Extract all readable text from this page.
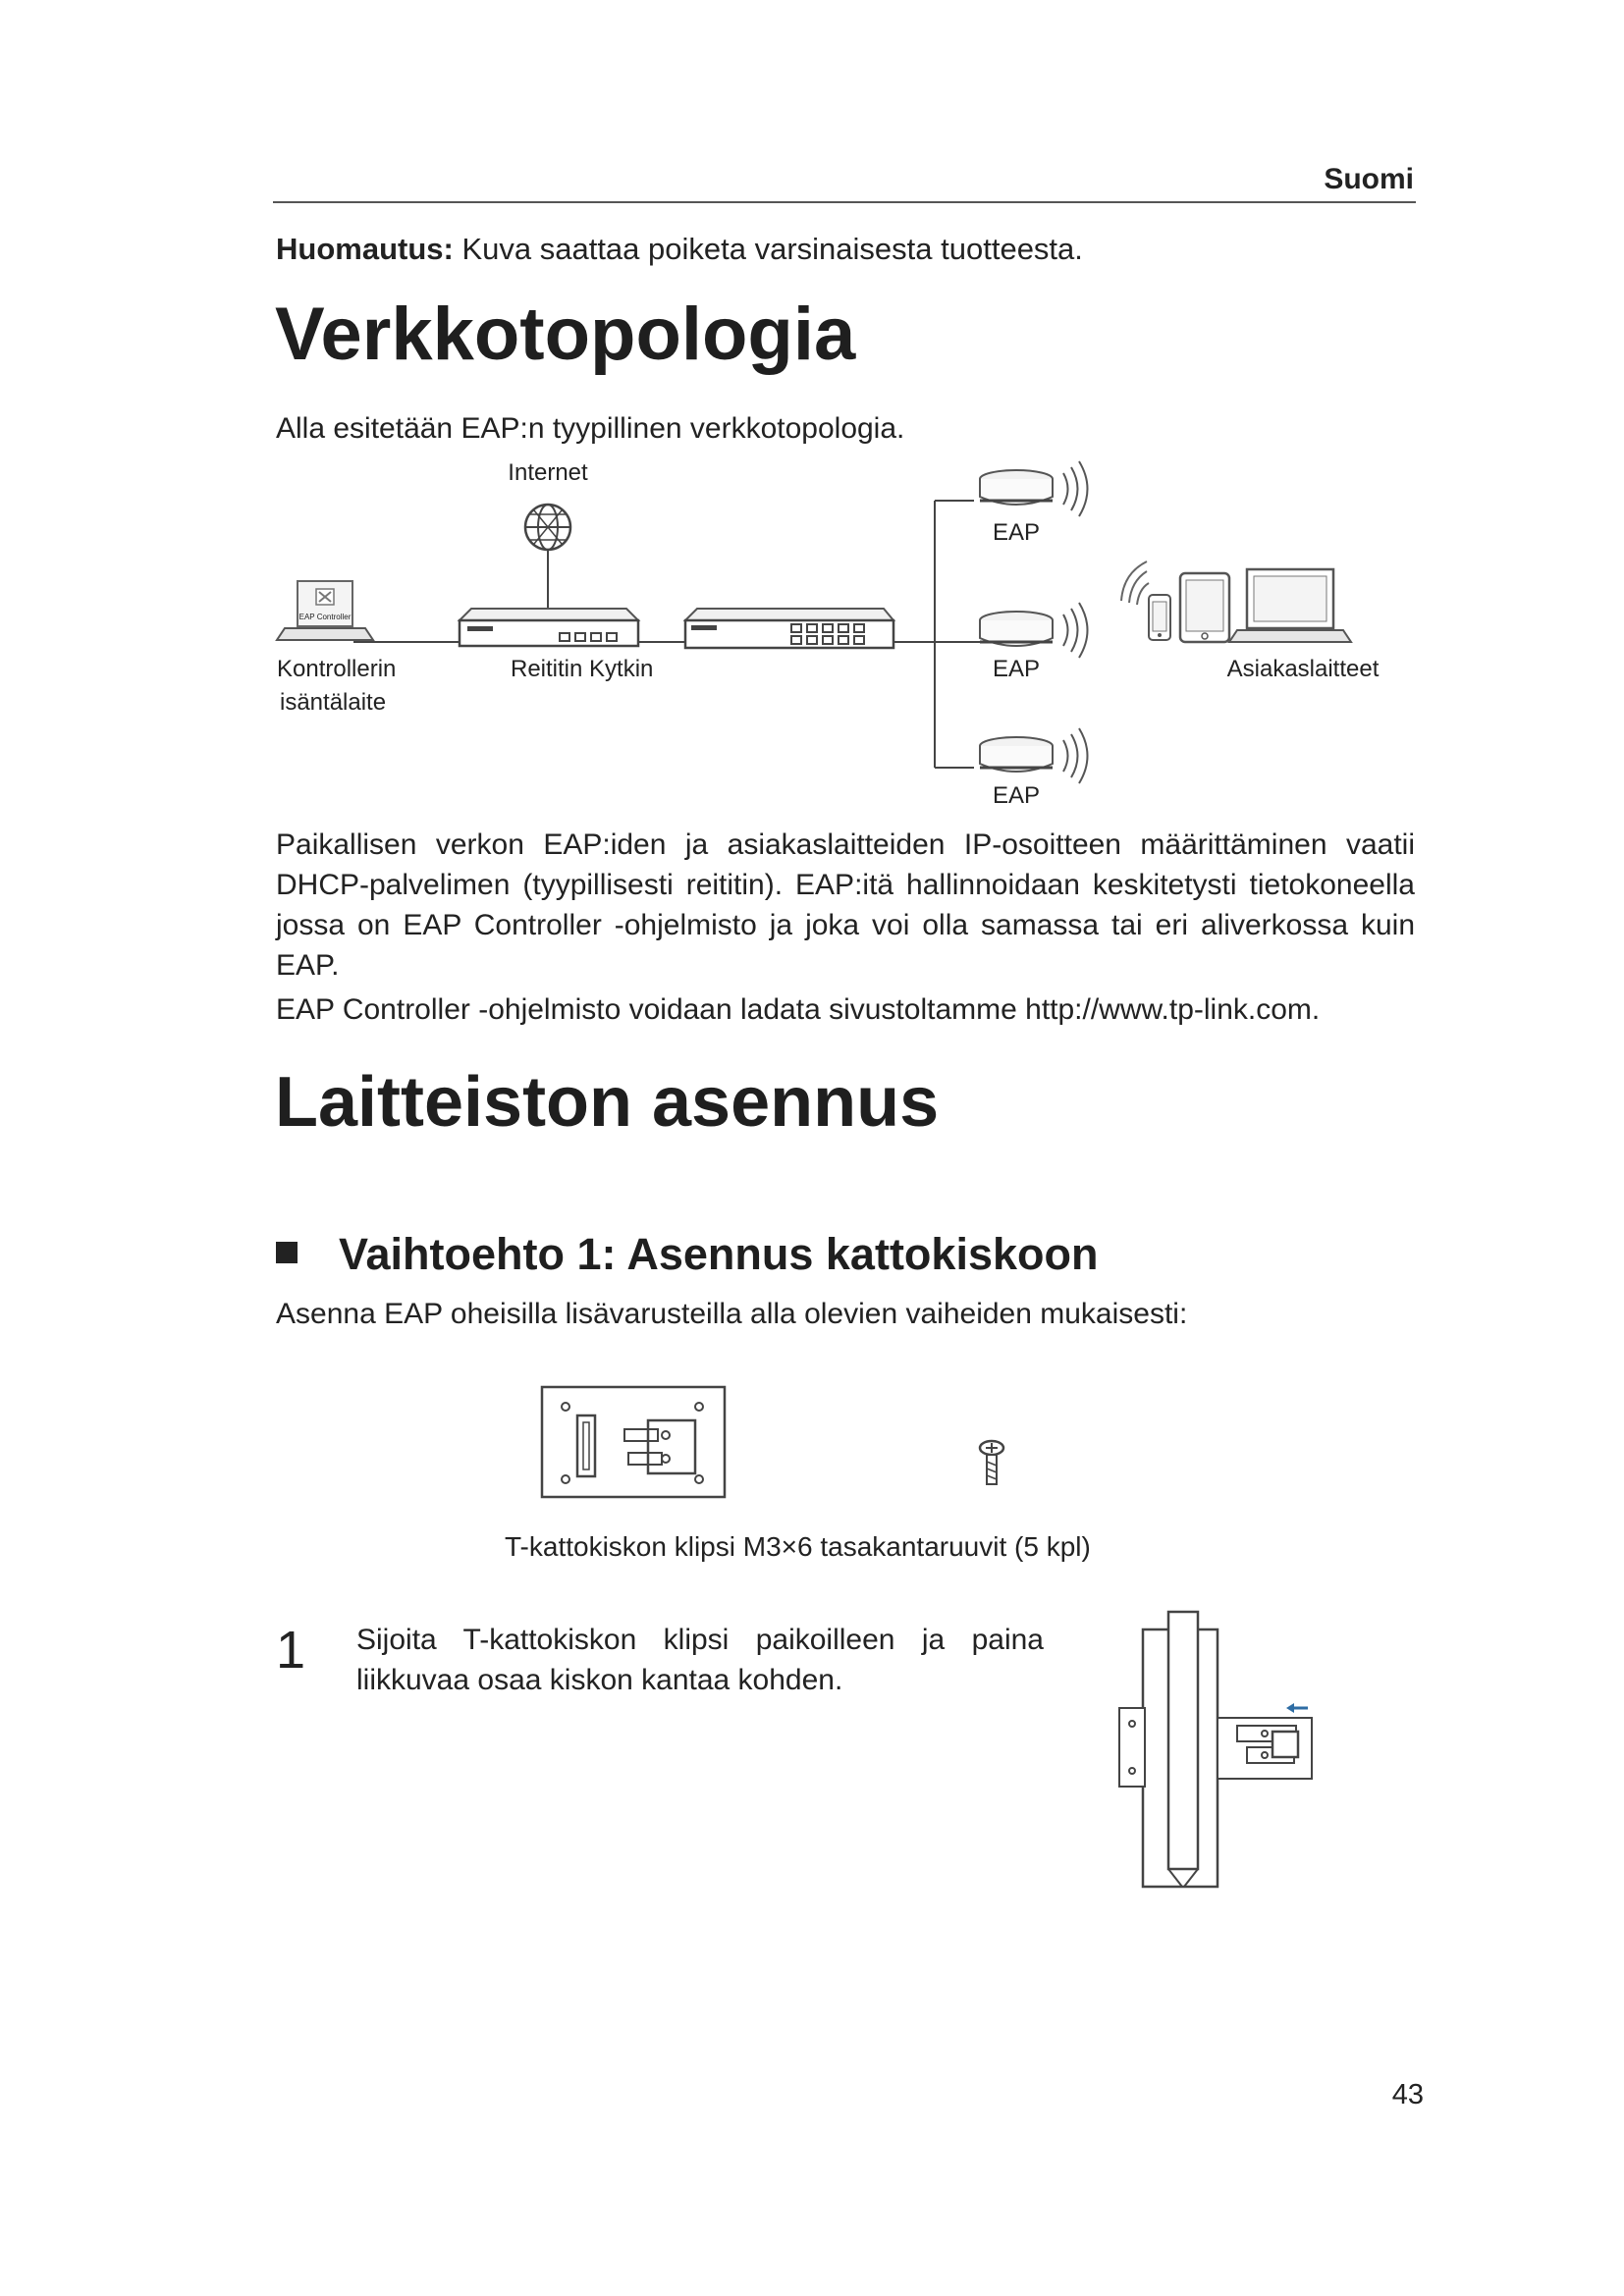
Suomi
Huomautus: Kuva saattaa poiketa varsinaisesta tuotteesta.
Verkkotopologia
Alla esitetään EAP:n tyypillinen verkkotopologia.
Internet
EAP Controller
Kontrollerin
isäntälaite
Reititin Kytkin
EAP
EAP
EAP
Asiakaslaitteet

Paikallisen verkon EAP:iden ja asiakaslaitteiden IP-osoitteen määrittäminen vaatii DHCP-palvelimen (tyypillisesti reititin). EAP:itä hallinnoidaan keskitetysti tietokoneella jossa on EAP Controller -ohjelmisto ja joka voi olla samassa tai eri aliverkossa kuin EAP.

EAP Controller -ohjelmisto voidaan ladata sivustoltamme http://www.tp-link.com.
Laitteiston asennus
Vaihtoehto 1: Asennus kattokiskoon
Asenna EAP oheisilla lisävarusteilla alla olevien vaiheiden mukaisesti:
T-kattokiskon klipsi M3×6 tasakantaruuvit (5 kpl)
1 Sijoita T-kattokiskon klipsi paikoilleen ja paina liikkuvaa osaa kiskon kantaa kohden.

43
